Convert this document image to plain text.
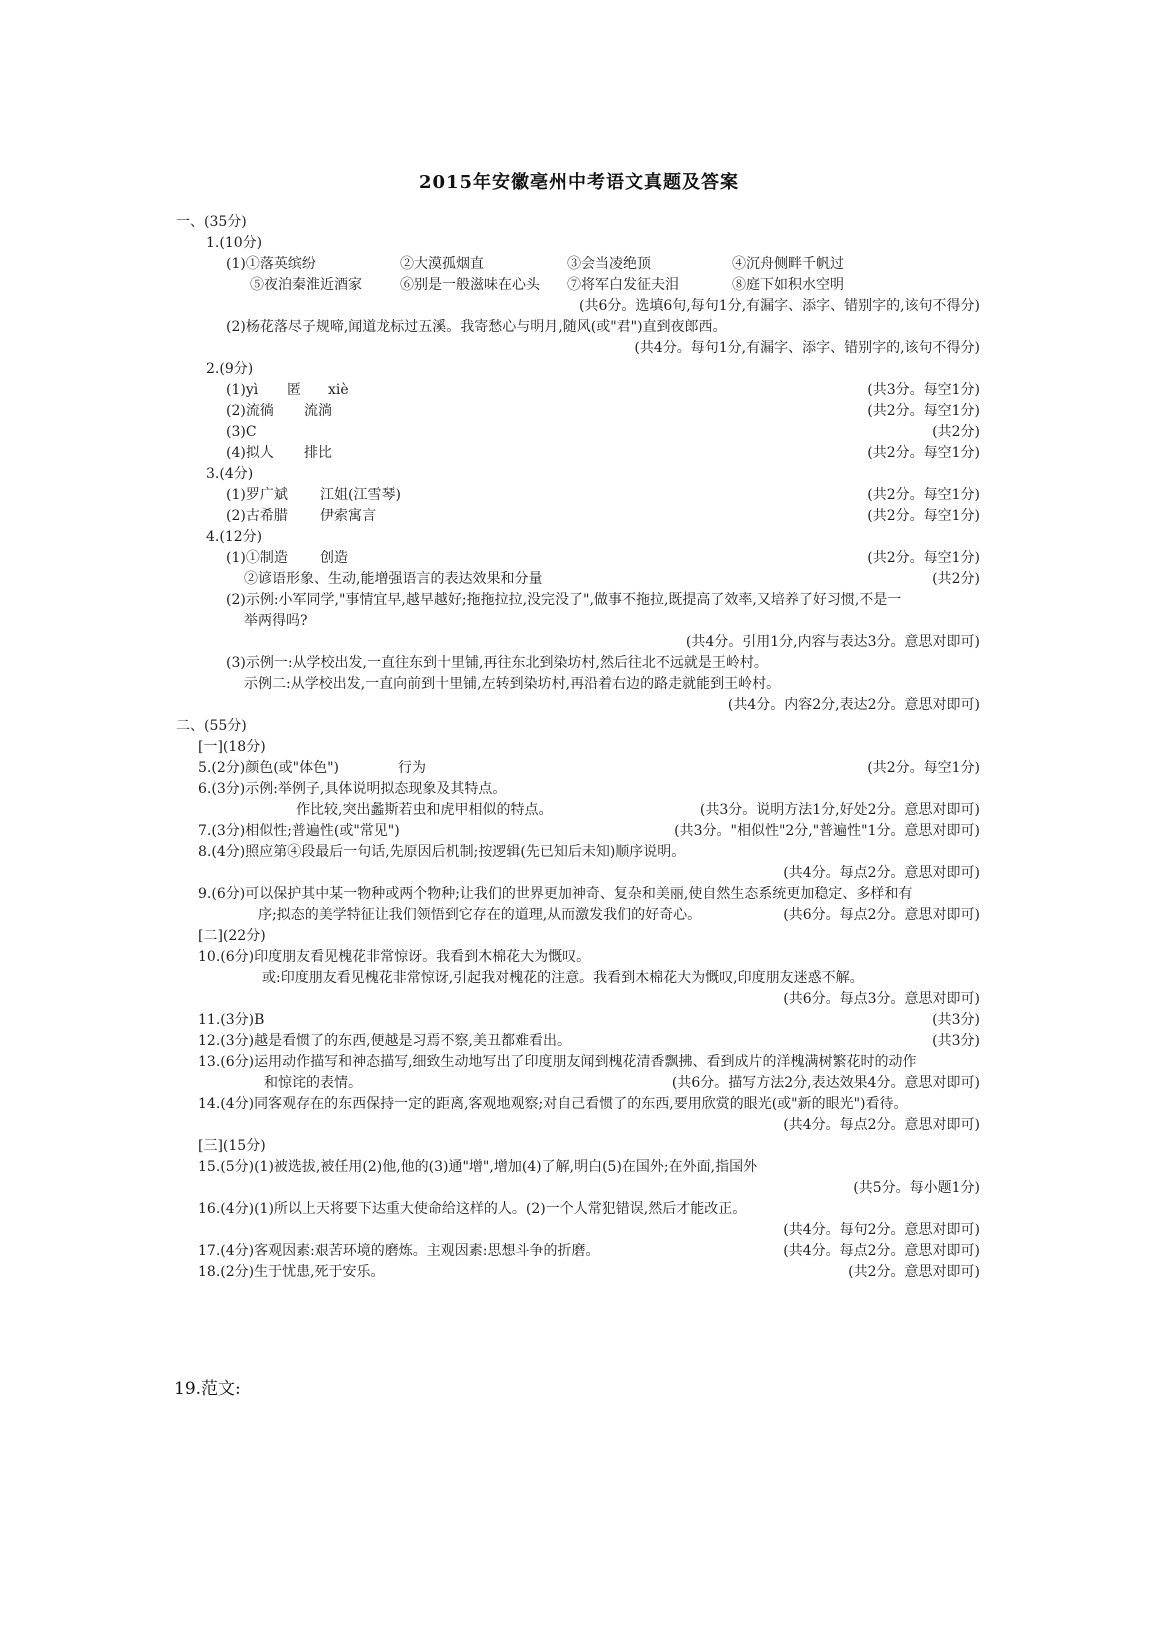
2015年安徽亳州中考语文真题及答案
一、(35分)
1.(10分)
(1)①落英缤纷	②大漠孤烟直	③会当凌绝顶	④沉舟侧畔千帆过
⑤夜泊秦淮近酒家	⑥别是一般滋味在心头 ⑦将军白发征夫泪	⑧庭下如积水空明
(共6分。选填6句,每句1分,有漏字、添字、错别字的,该句不得分)
(2)杨花落尽子规啼,闻道龙标过五溪。我寄愁心与明月,随风(或"君")直到夜郎西。
(共4分。每句1分,有漏字、添字、错别字的,该句不得分)
2.(9分)
(1)yì 匿 xiè	(共3分。每空1分)
(2)流徜 流淌	(共2分。每空1分)
(3)C	(共2分)
(4)拟人 排比	(共2分。每空1分)
3.(4分)
(1)罗广斌 江姐(江雪琴)	(共2分。每空1分)
(2)古希腊 伊索寓言	(共2分。每空1分)
4.(12分)
(1)①制造 创造	(共2分。每空1分)
②谚语形象、生动,能增强语言的表达效果和分量	(共2分)
(2)示例:小军同学,"事情宜早,越早越好;拖拖拉拉,没完没了",做事不拖拉,既提高了效率,又培养了好习惯,不是一
举两得吗?
(共4分。引用1分,内容与表达3分。意思对即可)
(3)示例一:从学校出发,一直往东到十里铺,再往东北到染坊村,然后往北不远就是王岭村。
示例二:从学校出发,一直向前到十里铺,左转到染坊村,再沿着右边的路走就能到王岭村。
(共4分。内容2分,表达2分。意思对即可)
二、(55分)
[一](18分)
5.(2分)颜色(或"体色")	行为	(共2分。每空1分)
6.(3分)示例:举例子,具体说明拟态现象及其特点。
作比较,突出蠡斯若虫和虎甲相似的特点。	(共3分。说明方法1分,好处2分。意思对即可)
7.(3分)相似性;普遍性(或"常见")	(共3分。"相似性"2分,"普遍性"1分。意思对即可)
8.(4分)照应第④段最后一句话,先原因后机制;按逻辑(先已知后未知)顺序说明。
(共4分。每点2分。意思对即可)
9.(6分)可以保护其中某一物种或两个物种;让我们的世界更加神奇、复杂和美丽,使自然生态系统更加稳定、多样和有
序;拟态的美学特征让我们领悟到它存在的道理,从而激发我们的好奇心。	(共6分。每点2分。意思对即可)
[二](22分)
10.(6分)印度朋友看见槐花非常惊讶。我看到木棉花大为慨叹。
或:印度朋友看见槐花非常惊讶,引起我对槐花的注意。我看到木棉花大为慨叹,印度朋友迷惑不解。
(共6分。每点3分。意思对即可)
11.(3分)B	(共3分)
12.(3分)越是看惯了的东西,便越是习焉不察,美丑都难看出。	(共3分)
13.(6分)运用动作描写和神态描写,细致生动地写出了印度朋友闻到槐花清香飘拂、看到成片的洋槐满树繁花时的动作
和惊诧的表情。	(共6分。描写方法2分,表达效果4分。意思对即可)
14.(4分)同客观存在的东西保持一定的距离,客观地观察;对自己看惯了的东西,要用欣赏的眼光(或"新的眼光")看待。
(共4分。每点2分。意思对即可)
[三](15分)
15.(5分)(1)被选拔,被任用(2)他,他的(3)通"增",增加(4)了解,明白(5)在国外;在外面,指国外
(共5分。每小题1分)
16.(4分)(1)所以上天将要下达重大使命给这样的人。(2)一个人常犯错误,然后才能改正。
(共4分。每句2分。意思对即可)
17.(4分)客观因素:艰苦环境的磨炼。主观因素:思想斗争的折磨。	(共4分。每点2分。意思对即可)
18.(2分)生于忧患,死于安乐。	(共2分。意思对即可)
19.范文:
